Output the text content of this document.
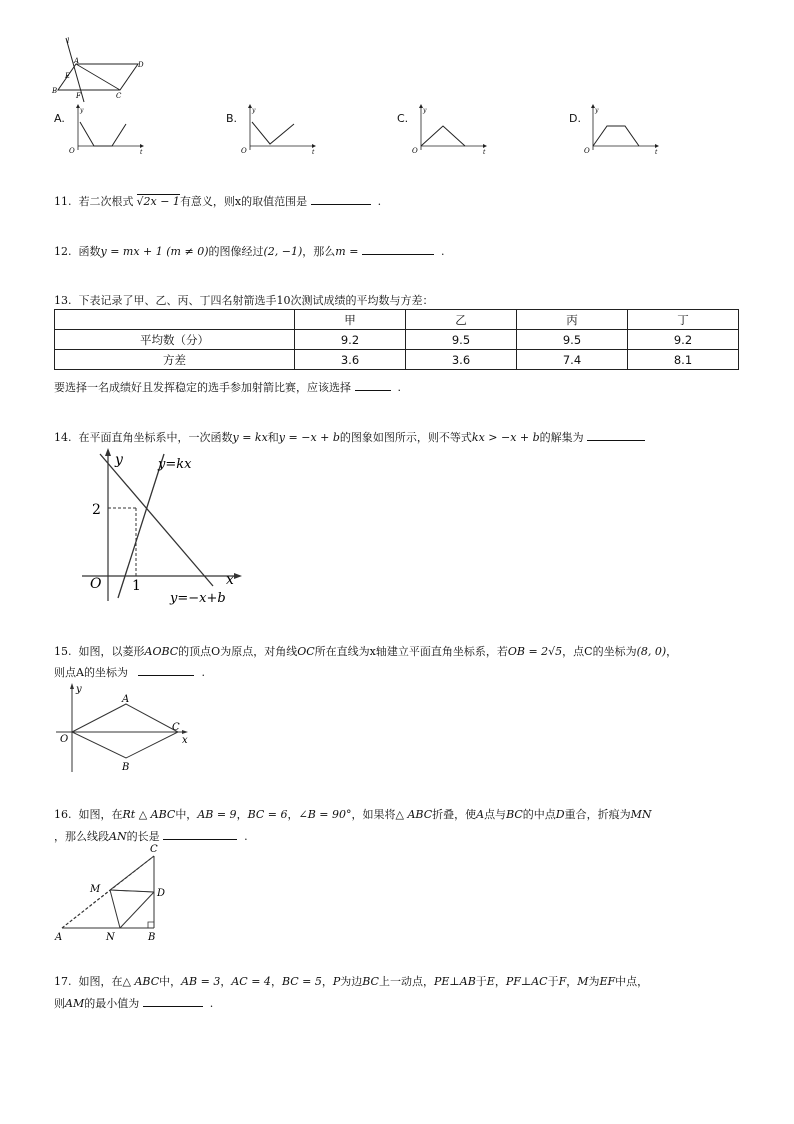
l
A	D
E
B
F	C
A.
y
O	t
B.
y
O	t
C.
y
O	t
D.
y
O	t
11. 若二次根式 √2x − 1有意义，则x的取值范围是	.
12. 函数y = mx + 1 (m ≠ 0)的图像经过(2, −1)，那么m =	.
13. 下表记录了甲、乙、丙、丁四名射箭选手10次测试成绩的平均数与方差：
	甲	乙	丙	丁
平均数（分）	9.2	9.5	9.5	9.2
方差	3.6	3.6	7.4	8.1
要选择一名成绩好且发挥稳定的选手参加射箭比赛，应该选择	.
14. 在平面直角坐标系中，一次函数y = kx和y = −x + b的图象如图所示，则不等式kx > −x + b的解集为
y
x
O
2
1
y=kx
y=−x+b
15. 如图，以菱形AOBC的顶点O为原点，对角线OC所在直线为x轴建立平面直角坐标系，若OB = 2√5，点C的坐标为(8, 0)，
则点A的坐标为	.
y
x
O
A
B
C
16. 如图，在Rt △ ABC中，AB = 9，BC = 6，∠B = 90°，如果将△ ABC折叠，使A点与BC的中点D重合，折痕为MN
，那么线段AN的长是	.
C
M	D
A	N	B
17. 如图，在△ ABC中，AB = 3，AC = 4，BC = 5，P为边BC上一动点，PE⊥AB于E，PF⊥AC于F，M为EF中点，
则AM的最小值为	.
